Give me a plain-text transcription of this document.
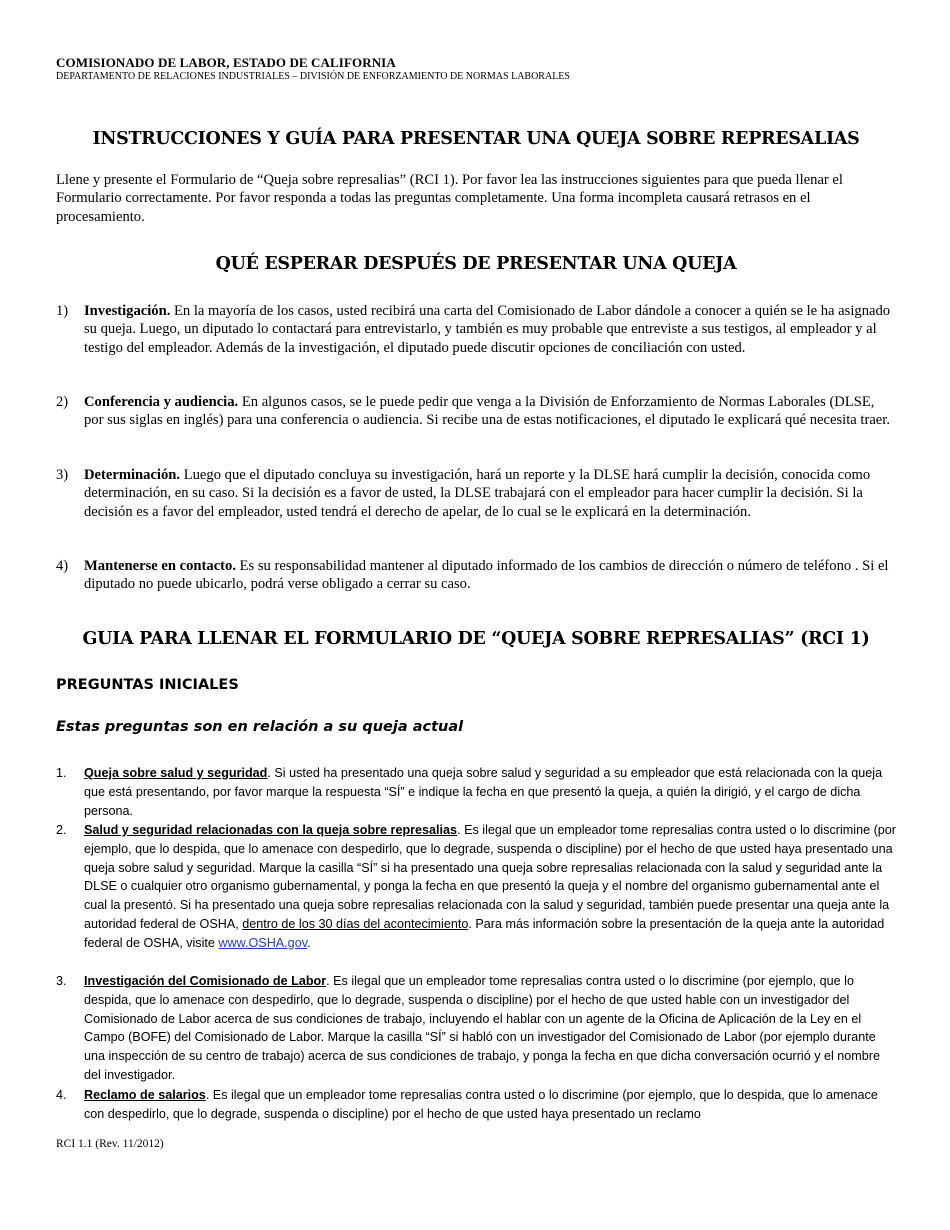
COMISIONADO DE LABOR, ESTADO DE CALIFORNIA
DEPARTAMENTO DE RELACIONES INDUSTRIALES – DIVISIÓN DE ENFORZAMIENTO DE NORMAS LABORALES
INSTRUCCIONES Y GUÍA PARA PRESENTAR UNA QUEJA SOBRE REPRESALIAS
Llene y presente el Formulario de “Queja sobre represalias” (RCI 1). Por favor lea las instrucciones siguientes para que pueda llenar el Formulario correctamente. Por favor responda a todas las preguntas completamente. Una forma incompleta causará retrasos en el procesamiento.
QUÉ ESPERAR DESPUÉS DE PRESENTAR UNA QUEJA
1) Investigación. En la mayoría de los casos, usted recibirá una carta del Comisionado de Labor dándole a conocer a quién se le ha asignado su queja. Luego, un diputado lo contactará para entrevistarlo, y también es muy probable que entreviste a sus testigos, al empleador y al testigo del empleador. Además de la investigación, el diputado puede discutir opciones de conciliación con usted.
2) Conferencia y audiencia. En algunos casos, se le puede pedir que venga a la División de Enforzamiento de Normas Laborales (DLSE, por sus siglas en inglés) para una conferencia o audiencia. Si recibe una de estas notificaciones, el diputado le explicará qué necesita traer.
3) Determinación. Luego que el diputado concluya su investigación, hará un reporte y la DLSE hará cumplir la decisión, conocida como determinación, en su caso. Si la decisión es a favor de usted, la DLSE trabajará con el empleador para hacer cumplir la decisión. Si la decisión es a favor del empleador, usted tendrá el derecho de apelar, de lo cual se le explicará en la determinación.
4) Mantenerse en contacto. Es su responsabilidad mantener al diputado informado de los cambios de dirección o número de teléfono . Si el diputado no puede ubicarlo, podrá verse obligado a cerrar su caso.
GUIA PARA LLENAR EL FORMULARIO DE “QUEJA SOBRE REPRESALIAS” (RCI 1)
PREGUNTAS INICIALES
Estas preguntas son en relación a su queja actual
1. Queja sobre salud y seguridad. Si usted ha presentado una queja sobre salud y seguridad a su empleador que está relacionada con la queja que está presentando, por favor marque la respuesta “SÍ” e indique la fecha en que presentó la queja, a quién la dirigió, y el cargo de dicha persona.
2. Salud y seguridad relacionadas con la queja sobre represalias. Es ilegal que un empleador tome represalias contra usted o lo discrimine (por ejemplo, que lo despida, que lo amenace con despedirlo, que lo degrade, suspenda o discipline) por el hecho de que usted haya presentado una queja sobre salud y seguridad. Marque la casilla “SÍ” si ha presentado una queja sobre represalias relacionada con la salud y seguridad ante la DLSE o cualquier otro organismo gubernamental, y ponga la fecha en que presentó la queja y el nombre del organismo gubernamental ante el cual la presentó. Si ha presentado una queja sobre represalias relacionada con la salud y seguridad, también puede presentar una queja ante la autoridad federal de OSHA, dentro de los 30 días del acontecimiento. Para más información sobre la presentación de la queja ante la autoridad federal de OSHA, visite www.OSHA.gov.
3. Investigación del Comisionado de Labor. Es ilegal que un empleador tome represalias contra usted o lo discrimine (por ejemplo, que lo despida, que lo amenace con despedirlo, que lo degrade, suspenda o discipline) por el hecho de que usted hable con un investigador del Comisionado de Labor acerca de sus condiciones de trabajo, incluyendo el hablar con un agente de la Oficina de Aplicación de la Ley en el Campo (BOFE) del Comisionado de Labor. Marque la casilla “SÍ” si habló con un investigador del Comisionado de Labor (por ejemplo durante una inspección de su centro de trabajo) acerca de sus condiciones de trabajo, y ponga la fecha en que dicha conversación ocurrió y el nombre del investigador.
4. Reclamo de salarios. Es ilegal que un empleador tome represalias contra usted o lo discrimine (por ejemplo, que lo despida, que lo amenace con despedirlo, que lo degrade, suspenda o discipline) por el hecho de que usted haya presentado un reclamo
RCI 1.1 (Rev. 11/2012)
